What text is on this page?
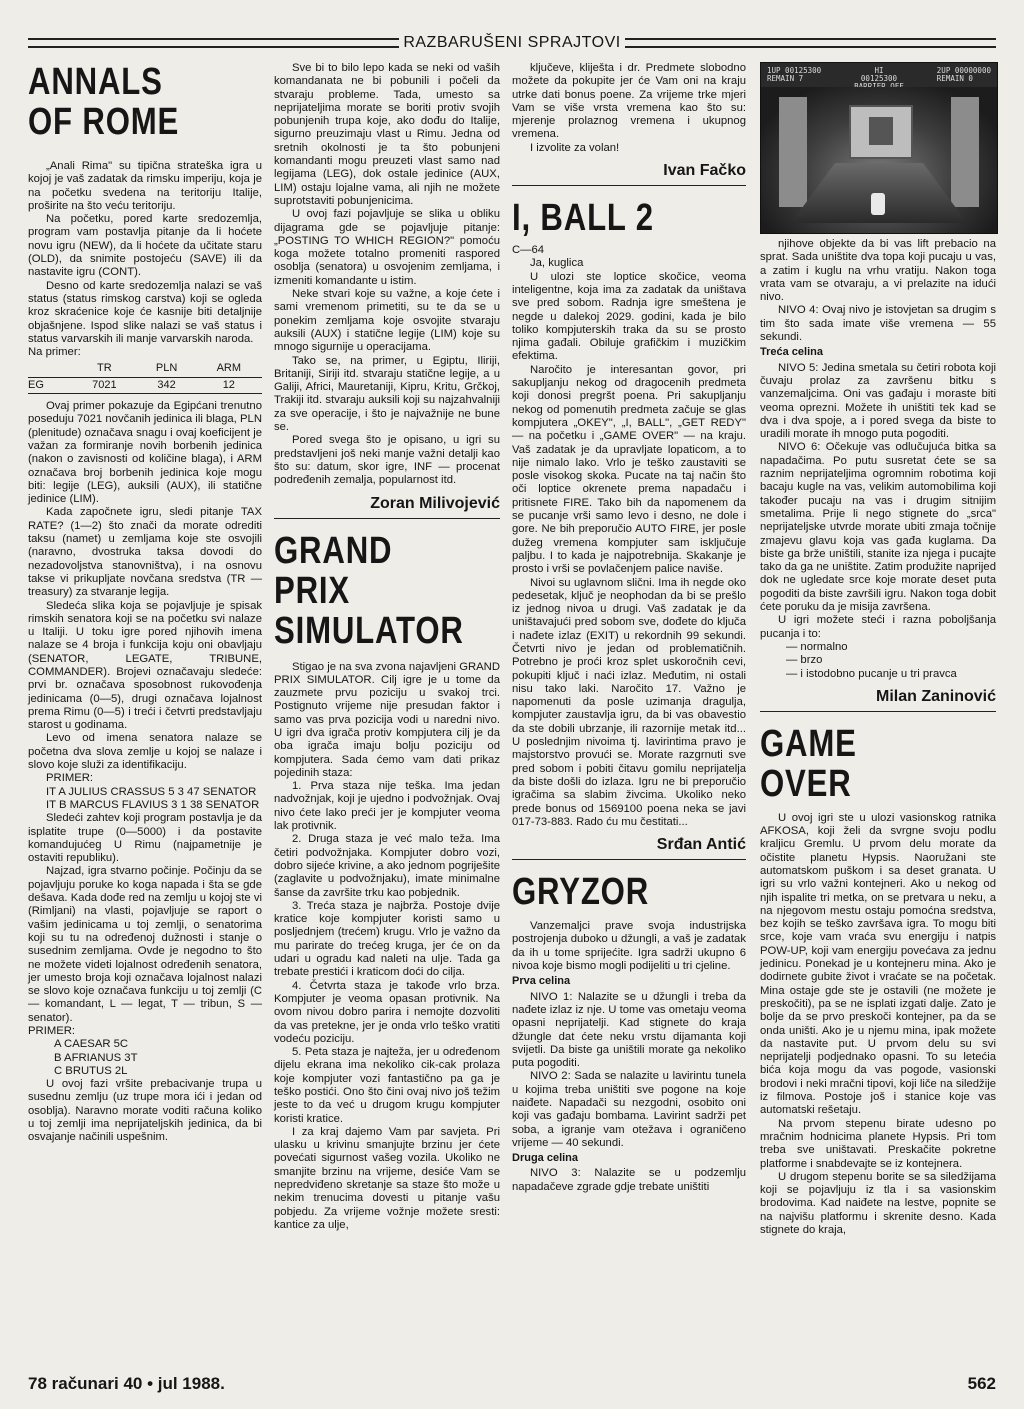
RAZBARUŠENI SPRAJTOVI
ANNALS
OF ROME

„Anali Rima" su tipična strateška igra u kojoj je vaš zadatak da rimsku imperiju, koja je na početku svedena na teritoriju Italije, proširite na što veću teritoriju.

Na početku, pored karte sredozemlja, program vam postavlja pitanje da li hoćete novu igru (NEW), da li hoćete da učitate staru (OLD), da snimite postojeću (SAVE) ili da nastavite igru (CONT).

Desno od karte sredozemlja nalazi se vaš status (status rimskog carstva) koji se ogleda kroz skraćenice koje će kasnije biti detaljnije objašnjene. Ispod slike nalazi se vaš status i status varvarskih ili manje varvarskih naroda.

Na primer:

	TR	PLN	ARM
EG	7021	342	12

Ovaj primer pokazuje da Egipćani trenutno poseduju 7021 novčanih jedinica ili blaga, PLN (plenitude) označava snagu i ovaj koeficijent je važan za formiranje novih borbenih jedinica (nakon o zavisnosti od količine blaga), i ARM označava broj borbenih jedinica koje mogu biti: legije (LEG), auksili (AUX), ili statične jedinice (LIM).

Kada započnete igru, sledi pitanje TAX RATE? (1—2) što znači da morate odrediti taksu (namet) u zemljama koje ste osvojili (naravno, dvostruka taksa dovodi do nezadovoljstva stanovništva), i na osnovu takse vi prikupljate novčana sredstva (TR — treasury) za stvaranje legija.

Sledeća slika koja se pojavljuje je spisak rimskih senatora koji se na početku svi nalaze u Italiji. U toku igre pored njihovih imena nalaze se 4 broja i funkcija koju oni obavljaju (SENATOR, LEGATE, TRIBUNE, COMMANDER). Brojevi označavaju sledeće: prvi br. označava sposobnost rukovođenja jedinicama (0—5), drugi označava lojalnost prema Rimu (0—5) i treći i četvrti predstavljaju starost u godinama.

Levo od imena senatora nalaze se početna dva slova zemlje u kojoj se nalaze i slovo koje služi za identifikaciju.

PRIMER:

IT A JULIUS CRASSUS 5 3 47 SENATOR

IT B MARCUS FLAVIUS 3 1 38 SENATOR

Sledeći zahtev koji program postavlja je da isplatite trupe (0—5000) i da postavite komandujućeg U Rimu (najpametnije je ostaviti republiku).

Najzad, igra stvarno počinje. Počinju da se pojavljuju poruke ko koga napada i šta se gde dešava. Kada dođe red na zemlju u kojoj ste vi (Rimljani) na vlasti, pojavljuje se raport o vašim jedinicama u toj zemlji, o senatorima koji su tu na određenoj dužnosti i stanje o susednim zemljama. Ovde je negodno to što ne možete videti lojalnost određenih senatora, jer umesto broja koji označava lojalnost nalazi se slovo koje označava funkciju u toj zemlji (C — komandant, L — legat, T — tribun, S — senator).

PRIMER:

A CAESAR 5C
B AFRIANUS 3T
C BRUTUS 2L

U ovoj fazi vršite prebacivanje trupa u susednu zemlju (uz trupe mora ići i jedan od osoblja). Naravno morate voditi računa koliko u toj zemlji ima neprijateljskih jedinica, da bi osvajanje načinili uspešnim.

Sve bi to bilo lepo kada se neki od vaših komandanata ne bi pobunili i počeli da stvaraju probleme. Tada, umesto sa neprijateljima morate se boriti protiv svojih pobunjenih trupa koje, ako dođu do Italije, sigurno preuzimaju vlast u Rimu. Jedna od sretnih okolnosti je ta što pobunjeni komandanti mogu preuzeti vlast samo nad legijama (LEG), dok ostale jedinice (AUX, LIM) ostaju lojalne vama, ali njih ne možete suprotstaviti pobunjenicima.

U ovoj fazi pojavljuje se slika u obliku dijagrama gde se pojavljuje pitanje: „POSTING TO WHICH REGION?" pomoću koga možete totalno promeniti raspored osoblja (senatora) u osvojenim zemljama, i izmeniti komandante u istim.

Neke stvari koje su važne, a koje ćete i sami vremenom primetiti, su te da se u ponekim zemljama koje osvojite stvaraju auksili (AUX) i statične legije (LIM) koje su mnogo sigurnije u operacijama.

Tako se, na primer, u Egiptu, Iliriji, Britaniji, Siriji itd. stvaraju statične legije, a u Galiji, Africi, Mauretaniji, Kipru, Kritu, Grčkoj, Trakiji itd. stvaraju auksili koji su najzahvalniji za sve operacije, i što je najvažnije ne bune se.

Pored svega što je opisano, u igri su predstavljeni još neki manje važni detalji kao što su: datum, skor igre, INF — procenat podređenih zemalja, popularnost itd.

Zoran Milivojević
GRAND PRIX
SIMULATOR

Stigao je na sva zvona najavljeni GRAND PRIX SIMULATOR. Cilj igre je u tome da zauzmete prvu poziciju u svakoj trci. Postignuto vrijeme nije presudan faktor i samo vas prva pozicija vodi u naredni nivo. U igri dva igrača protiv kompjutera cilj je da oba igrača imaju bolju poziciju od kompjutera. Sada ćemo vam dati prikaz pojedinih staza:

1. Prva staza nije teška. Ima jedan nadvožnjak, koji je ujedno i podvožnjak. Ovaj nivo ćete lako preći jer je kompjuter veoma lak protivnik.

2. Druga staza je već malo teža. Ima četiri podvožnjaka. Kompjuter dobro vozi, dobro sijeće krivine, a ako jednom pogriješite (zaglavite u podvožnjaku), imate minimalne šanse da završite trku kao pobjednik.

3. Treća staza je najbrža. Postoje dvije kratice koje kompjuter koristi samo u posljednjem (trećem) krugu. Vrlo je važno da mu parirate do trećeg kruga, jer će on da udari u ogradu kad naleti na ulje. Tada ga trebate prestići i kraticom doći do cilja.

4. Četvrta staza je takođe vrlo brza. Kompjuter je veoma opasan protivnik. Na ovom nivou dobro parira i nemojte dozvoliti da vas pretekne, jer je onda vrlo teško vratiti vodeću poziciju.

5. Peta staza je najteža, jer u određenom dijelu ekrana ima nekoliko cik-cak prolaza koje kompjuter vozi fantastično pa ga je teško postići. Ono što čini ovaj nivo još težim jeste to da već u drugom krugu kompjuter koristi kratice.

I za kraj dajemo Vam par savjeta. Pri ulasku u krivinu smanjujte brzinu jer ćete povećati sigurnost vašeg vozila. Ukoliko ne smanjite brzinu na vrijeme, desiće Vam se nepredviđeno skretanje sa staze što može u nekim trenucima dovesti u pitanje vašu pobjedu. Za vrijeme vožnje možete sresti: kantice za ulje,

ključeve, kliješta i dr. Predmete slobodno možete da pokupite jer će Vam oni na kraju utrke dati bonus poene. Za vrijeme trke mjeri Vam se više vrsta vremena kao što su: mjerenje prolaznog vremena i ukupnog vremena.

I izvolite za volan!

Ivan Fačko
I, BALL 2
C—64

Ja, kuglica

U ulozi ste loptice skočice, veoma inteligentne, koja ima za zadatak da uništava sve pred sobom. Radnja igre smeštena je negde u dalekoj 2029. godini, kada je bilo toliko kompjuterskih traka da su se prosto njima gađali. Obiluje grafičkim i muzičkim efektima.

Naročito je interesantan govor, pri sakupljanju nekog od dragocenih predmeta koji donosi pregršt poena. Pri sakupljanju nekog od pomenutih predmeta začuje se glas kompjutera „OKEY", „I, BALL", „GET REDY" — na početku i „GAME OVER" — na kraju. Vaš zadatak je da upravljate lopaticom, a to nije nimalo lako. Vrlo je teško zaustaviti se posle visokog skoka. Pucate na taj način što oči loptice okrenete prema napadaču i pritisnete FIRE. Tako bih da napomenem da se pucanje vrši samo levo i desno, ne dole i gore. Ne bih preporučio AUTO FIRE, jer posle dužeg vremena kompjuter sam isključuje paljbu. I to kada je najpotrebnija. Skakanje je prosto i vrši se povlačenjem palice naviše.

Nivoi su uglavnom slični. Ima ih negde oko pedesetak, ključ je neophodan da bi se prešlo iz jednog nivoa u drugi. Vaš zadatak je da uništavajući pred sobom sve, dođete do ključa i nađete izlaz (EXIT) u rekordnih 99 sekundi. Četvrti nivo je jedan od problematičnih. Potrebno je proći kroz splet uskoročnih cevi, pokupiti ključ i naći izlaz. Međutim, ni ostali nisu tako laki. Naročito 17. Važno je napomenuti da posle uzimanja dragulja, kompjuter zaustavlja igru, da bi vas obavestio da ste dobili ubrzanje, ili razornije metak itd... U poslednjim nivoima tj. lavirintima pravo je majstorstvo provući se. Morate razgrnuti sve pred sobom i pobiti čitavu gomilu neprijatelja da biste došli do izlaza. Igru ne bi preporučio igračima sa slabim živcima. Ukoliko neko prede bonus od 1569100 poena neka se javi 017-73-883. Rado ću mu čestitati...

Srđan Antić
GRYZOR

Vanzemaljci prave svoja industrijska postrojenja duboko u džungli, a vaš je zadatak da ih u tome sprijećite. Igra sadrži ukupno 6 nivoa koje bismo mogli podijeliti u tri cjeline.

Prva celina

NIVO 1: Nalazite se u džungli i treba da nađete izlaz iz nje. U tome vas ometaju veoma opasni neprijatelji. Kad stignete do kraja džungle dat ćete neku vrstu dijamanta koji svijetli. Da biste ga uništili morate ga nekoliko puta pogoditi.

NIVO 2: Sada se nalazite u lavirintu tunela u kojima treba uništiti sve pogone na koje naiđete. Napadači su nezgodni, osobito oni koji vas gađaju bombama. Lavirint sadrži pet soba, a igranje vam otežava i ograničeno vrijeme — 40 sekundi.

Druga celina

NIVO 3: Nalazite se u podzemlju napadačeve zgrade gdje trebate uništiti

1UP 00125300
REMAIN 7
HI
00125300

2UP 00000000
REMAIN 0

njihove objekte da bi vas lift prebacio na sprat. Sada uništite dva topa koji pucaju u vas, a zatim i kuglu na vrhu vratiju. Nakon toga vrata vam se otvaraju, a vi prelazite na idući nivo.

NIVO 4: Ovaj nivo je istovjetan sa drugim s tim što sada imate više vremena — 55 sekundi.

Treća celina

NIVO 5: Jedina smetala su četiri robota koji čuvaju prolaz za završenu bitku s vanzemaljcima. Oni vas gađaju i moraste biti veoma oprezni. Možete ih uništiti tek kad se dva i dva spoje, a i pored svega da biste to uradili morate ih mnogo puta pogoditi.

NIVO 6: Očekuje vas odlučujuća bitka sa napadačima. Po putu susretat ćete se sa raznim neprijateljima ogromnim robotima koji bacaju kugle na vas, velikim automobilima koji također pucaju na vas i drugim sitnijim smetalima. Prije li nego stignete do „srca" neprijateljske utvrde morate ubiti zmaja točnije zmajevu glavu koja vas gađa kuglama. Da biste ga brže uništili, stanite iza njega i pucajte tako da ga ne uništite. Zatim produžite naprijed dok ne ugledate srce koje morate deset puta pogoditi da biste završili igru. Nakon toga dobit ćete poruku da je misija završena.

U igri možete steći i razna poboljšanja pucanja i to:

— normalno
— brzo
— i istodobno pucanje u tri pravca
Milan Zaninović
GAME OVER

U ovoj igri ste u ulozi vasionskog ratnika AFKOSA, koji želi da svrgne svoju podlu kraljicu Gremlu. U prvom delu morate da očistite planetu Hypsis. Naoružani ste automatskom puškom i sa deset granata. U igri su vrlo važni kontejneri. Ako u nekog od njih ispalite tri metka, on se pretvara u neku, a na njegovom mestu ostaju pomoćna sredstva, bez kojih se teško završava igra. To mogu biti srce, koje vam vraća svu energiju i natpis POW-UP, koji vam energiju povećava za jednu jedinicu. Ponekad je u kontejneru mina. Ako je dodirnete gubite život i vraćate se na početak. Mina ostaje gde ste je ostavili (ne možete je preskočiti), pa se ne isplati izgati dalje. Zato je bolje da se prvo preskoči kontejner, pa da se onda uništi. Ako je u njemu mina, ipak možete da nastavite put. U prvom delu su svi neprijatelji podjednako opasni. To su letećia bića koja mogu da vas pogode, vasionski brodovi i neki mračni tipovi, koji liče na siledžije iz filmova. Postoje još i stanice koje vas automatski rešetaju.

Na prvom stepenu birate udesno po mračnim hodnicima planete Hypsis. Pri tom treba sve uništavati. Preskačite pokretne platforme i snabdevajte se iz kontejnera.

U drugom stepenu borite se sa siledžijama koji se pojavljuju iz tla i sa vasionskim brodovima. Kad naiđete na lestve, popnite se na najvišu platformu i skrenite desno. Kada stignete do kraja,

78 računari 40 • jul 1988.	562
